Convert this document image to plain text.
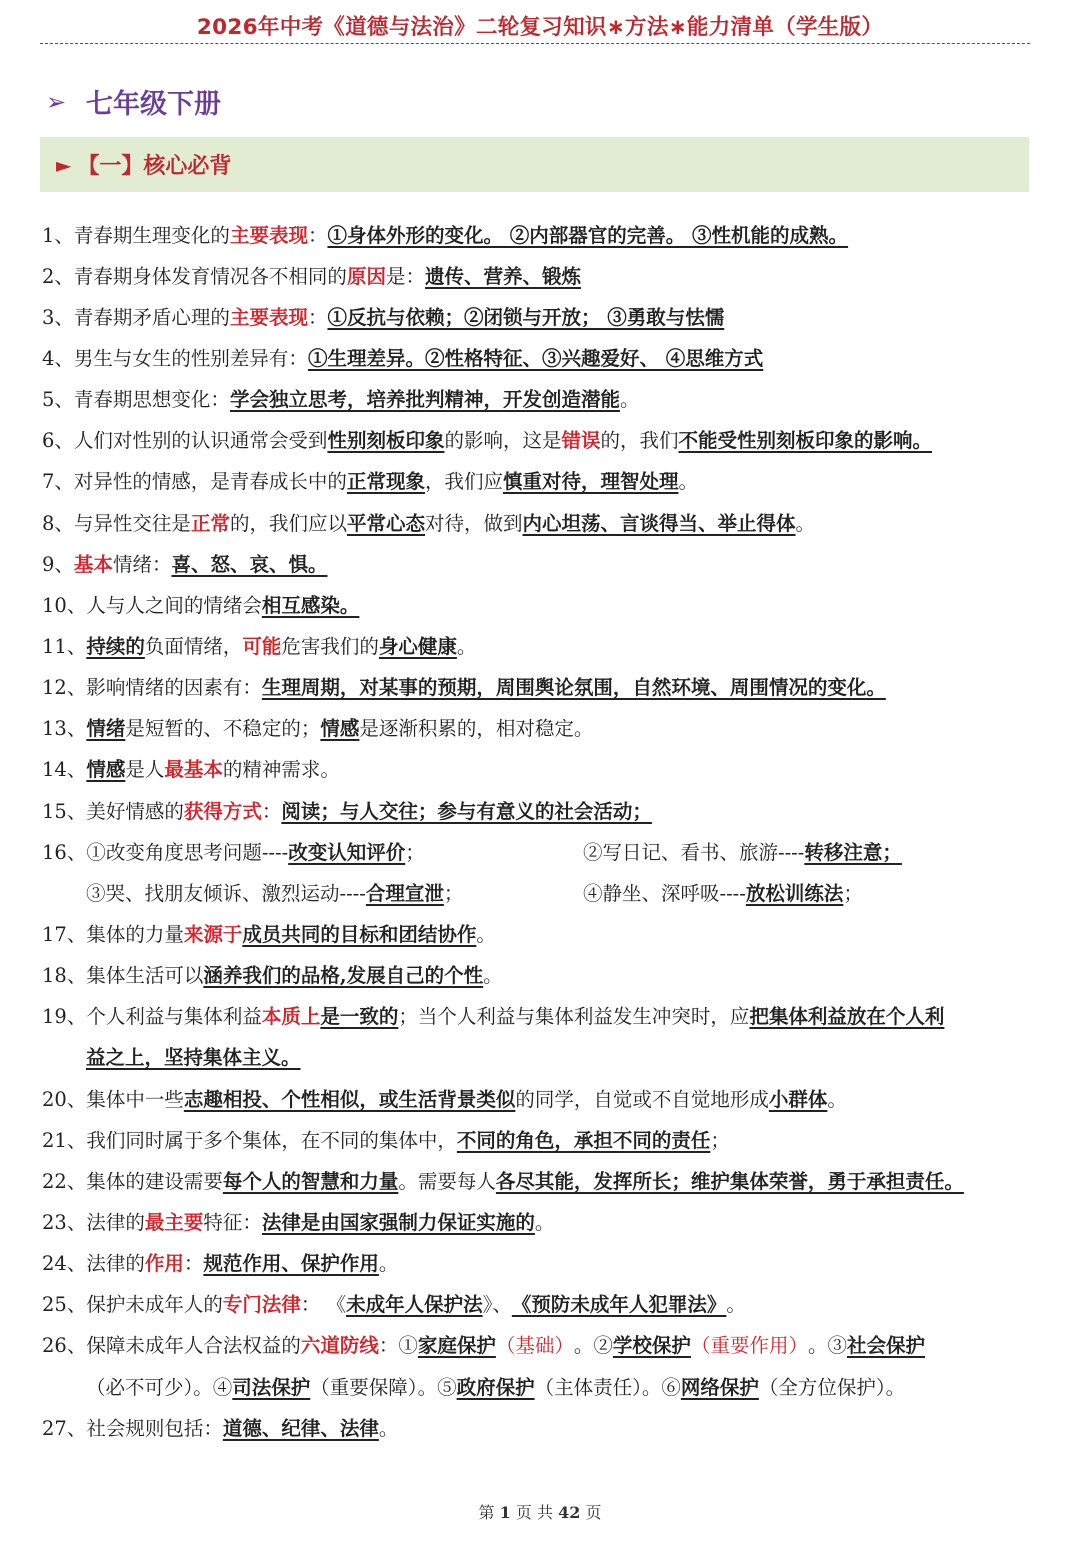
2026年中考《道德与法治》二轮复习知识∗方法∗能力清单（学生版）
➢ 七年级下册
► 【一】核心必背
1、 青春期生理变化的 主要表现 ： ①身体外形的变化。 ②内部器官的完善。 ③性机能的成熟。
2、 青春期身体发育情况各不相同的 原因 是： 遗传、营养、锻炼
3、 青春期矛盾心理的 主要表现 ： ①反抗与依赖；②闭锁与开放； ③勇敢与怯懦
4、 男生与女生的性别差异有： ①生理差异。②性格特征、③兴趣爱好、 ④思维方式
5、 青春期思想变化： 学会独立思考，培养批判精神，开发创造潜能 。
6、 人们对性别的认识通常会受到 性别刻板印象 的影响，这是 错误 的，我们 不能受性别刻板印象的影响。
7、 对异性的情感，是青春成长中的 正常现象 ，我们应 慎重对待，理智处理 。
8、 与异性交往是 正常 的，我们应以 平常心态 对待，做到 内心坦荡、言谈得当、举止得体 。
9、 基本 情绪： 喜、怒、哀、惧。
10、 人与人之间的情绪会 相互感染。
11、 持续的 负面情绪， 可能 危害我们的 身心健康 。
12、 影响情绪的因素有： 生理周期，对某事的预期，周围舆论氛围，自然环境、周围情况的变化。
13、 情绪 是短暂的、不稳定的； 情感 是逐渐积累的，相对稳定。
14、 情感 是人 最基本 的精神需求。
15、 美好情感的 获得方式 ： 阅读；与人交往；参与有意义的社会活动；
16、 ①改变角度思考问题---- 改变认知评价 ；	②写日记、看书、旅游----转移注意；
③哭、找朋友倾诉、激烈运动----合理宣泄；	④静坐、深呼吸----放松训练法；
17、 集体的力量 来源于 成员共同的目标和团结协作 。
18、 集体生活可以 涵养我们的品格,发展自己的个性 。
19、 个人利益与集体利益 本质上 是一致的 ；当个人利益与集体利益发生冲突时，应 把集体利益放在个人利
益之上，坚持集体主义。
20、 集体中一些 志趣相投、个性相似，或生活背景类似 的同学，自觉或不自觉地形成 小群体 。
21、 我们同时属于多个集体，在不同的集体中， 不同的角色，承担不同的责任 ；
22、 集体的建设需要 每个人的智慧和力量 。需要每人 各尽其能，发挥所长；维护集体荣誉，勇于承担责任。
23、 法律的 最主要 特征： 法律是由国家强制力保证实施的 。
24、 法律的 作用 ： 规范作用、保护作用 。
25、 保护未成年人的 专门法律 ： 《 未成年人保护法 》、 《预防未成年人犯罪法》 。
26、 保障未成年人合法权益的 六道防线 ：① 家庭保护 （基础） 。② 学校保护 （重要作用） 。③ 社会保护
（必不可少）。④司法保护（重要保障）。⑤政府保护（主体责任）。⑥网络保护（全方位保护）。
27、 社会规则包括： 道德、纪律、法律 。
第 1 页 共 42 页
